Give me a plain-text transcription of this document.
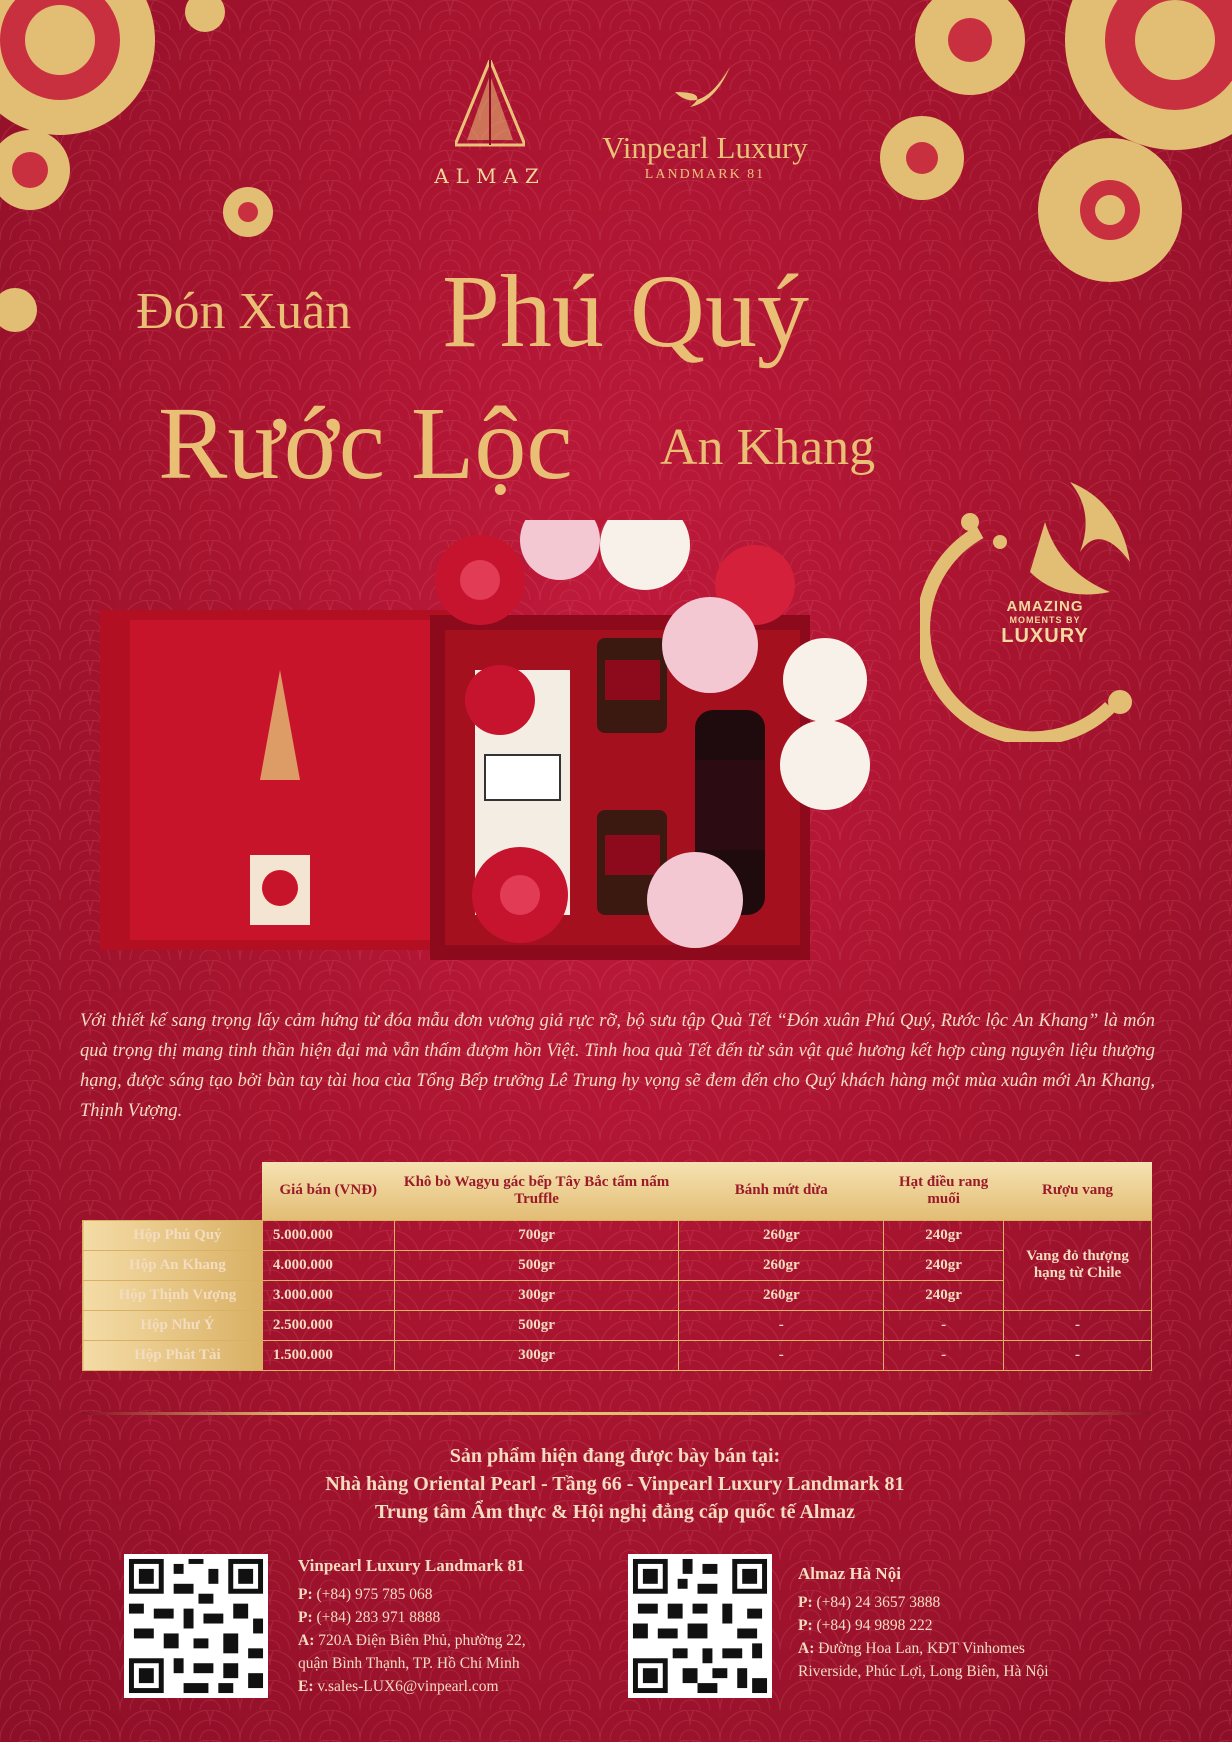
ALMAZ
Vinpearl Luxury
LANDMARK 81
Đón Xuân Phú Quý
Rước Lộc An Khang
AMAZING
MOMENTS BY
LUXURY
Với thiết kế sang trọng lấy cảm hứng từ đóa mẫu đơn vương giả rực rỡ, bộ sưu tập Quà Tết “Đón xuân Phú Quý, Rước lộc An Khang” là món quà trọng thị mang tinh thần hiện đại mà vẫn thấm đượm hồn Việt. Tinh hoa quà Tết đến từ sản vật quê hương kết hợp cùng nguyên liệu thượng hạng, được sáng tạo bởi bàn tay tài hoa của Tổng Bếp trưởng Lê Trung hy vọng sẽ đem đến cho Quý khách hàng một mùa xuân mới An Khang, Thịnh Vượng.
	Giá bán (VNĐ)	Khô bò Wagyu gác bếp Tây Bắc tẩm nấm Truffle	Bánh mứt dừa	Hạt điều rang muối	Rượu vang
Hộp Phú Quý	5.000.000	700gr	260gr	240gr	Vang đỏ thượng hạng từ Chile
Hộp An Khang	4.000.000	500gr	260gr	240gr	
Hộp Thịnh Vượng	3.000.000	300gr	260gr	240gr	
Hộp Như Ý	2.500.000	500gr	-	-	-
Hộp Phát Tài	1.500.000	300gr	-	-	-
Sản phẩm hiện đang được bày bán tại:
Nhà hàng Oriental Pearl - Tầng 66 - Vinpearl Luxury Landmark 81
Trung tâm Ẩm thực & Hội nghị đẳng cấp quốc tế Almaz
Vinpearl Luxury Landmark 81
P: (+84) 975 785 068
P: (+84) 283 971 8888
A: 720A Điện Biên Phủ, phường 22,
quận Bình Thạnh, TP. Hồ Chí Minh
E: v.sales-LUX6@vinpearl.com
Almaz Hà Nội
P: (+84) 24 3657 3888
P: (+84) 94 9898 222
A: Đường Hoa Lan, KĐT Vinhomes
Riverside, Phúc Lợi, Long Biên, Hà Nội
